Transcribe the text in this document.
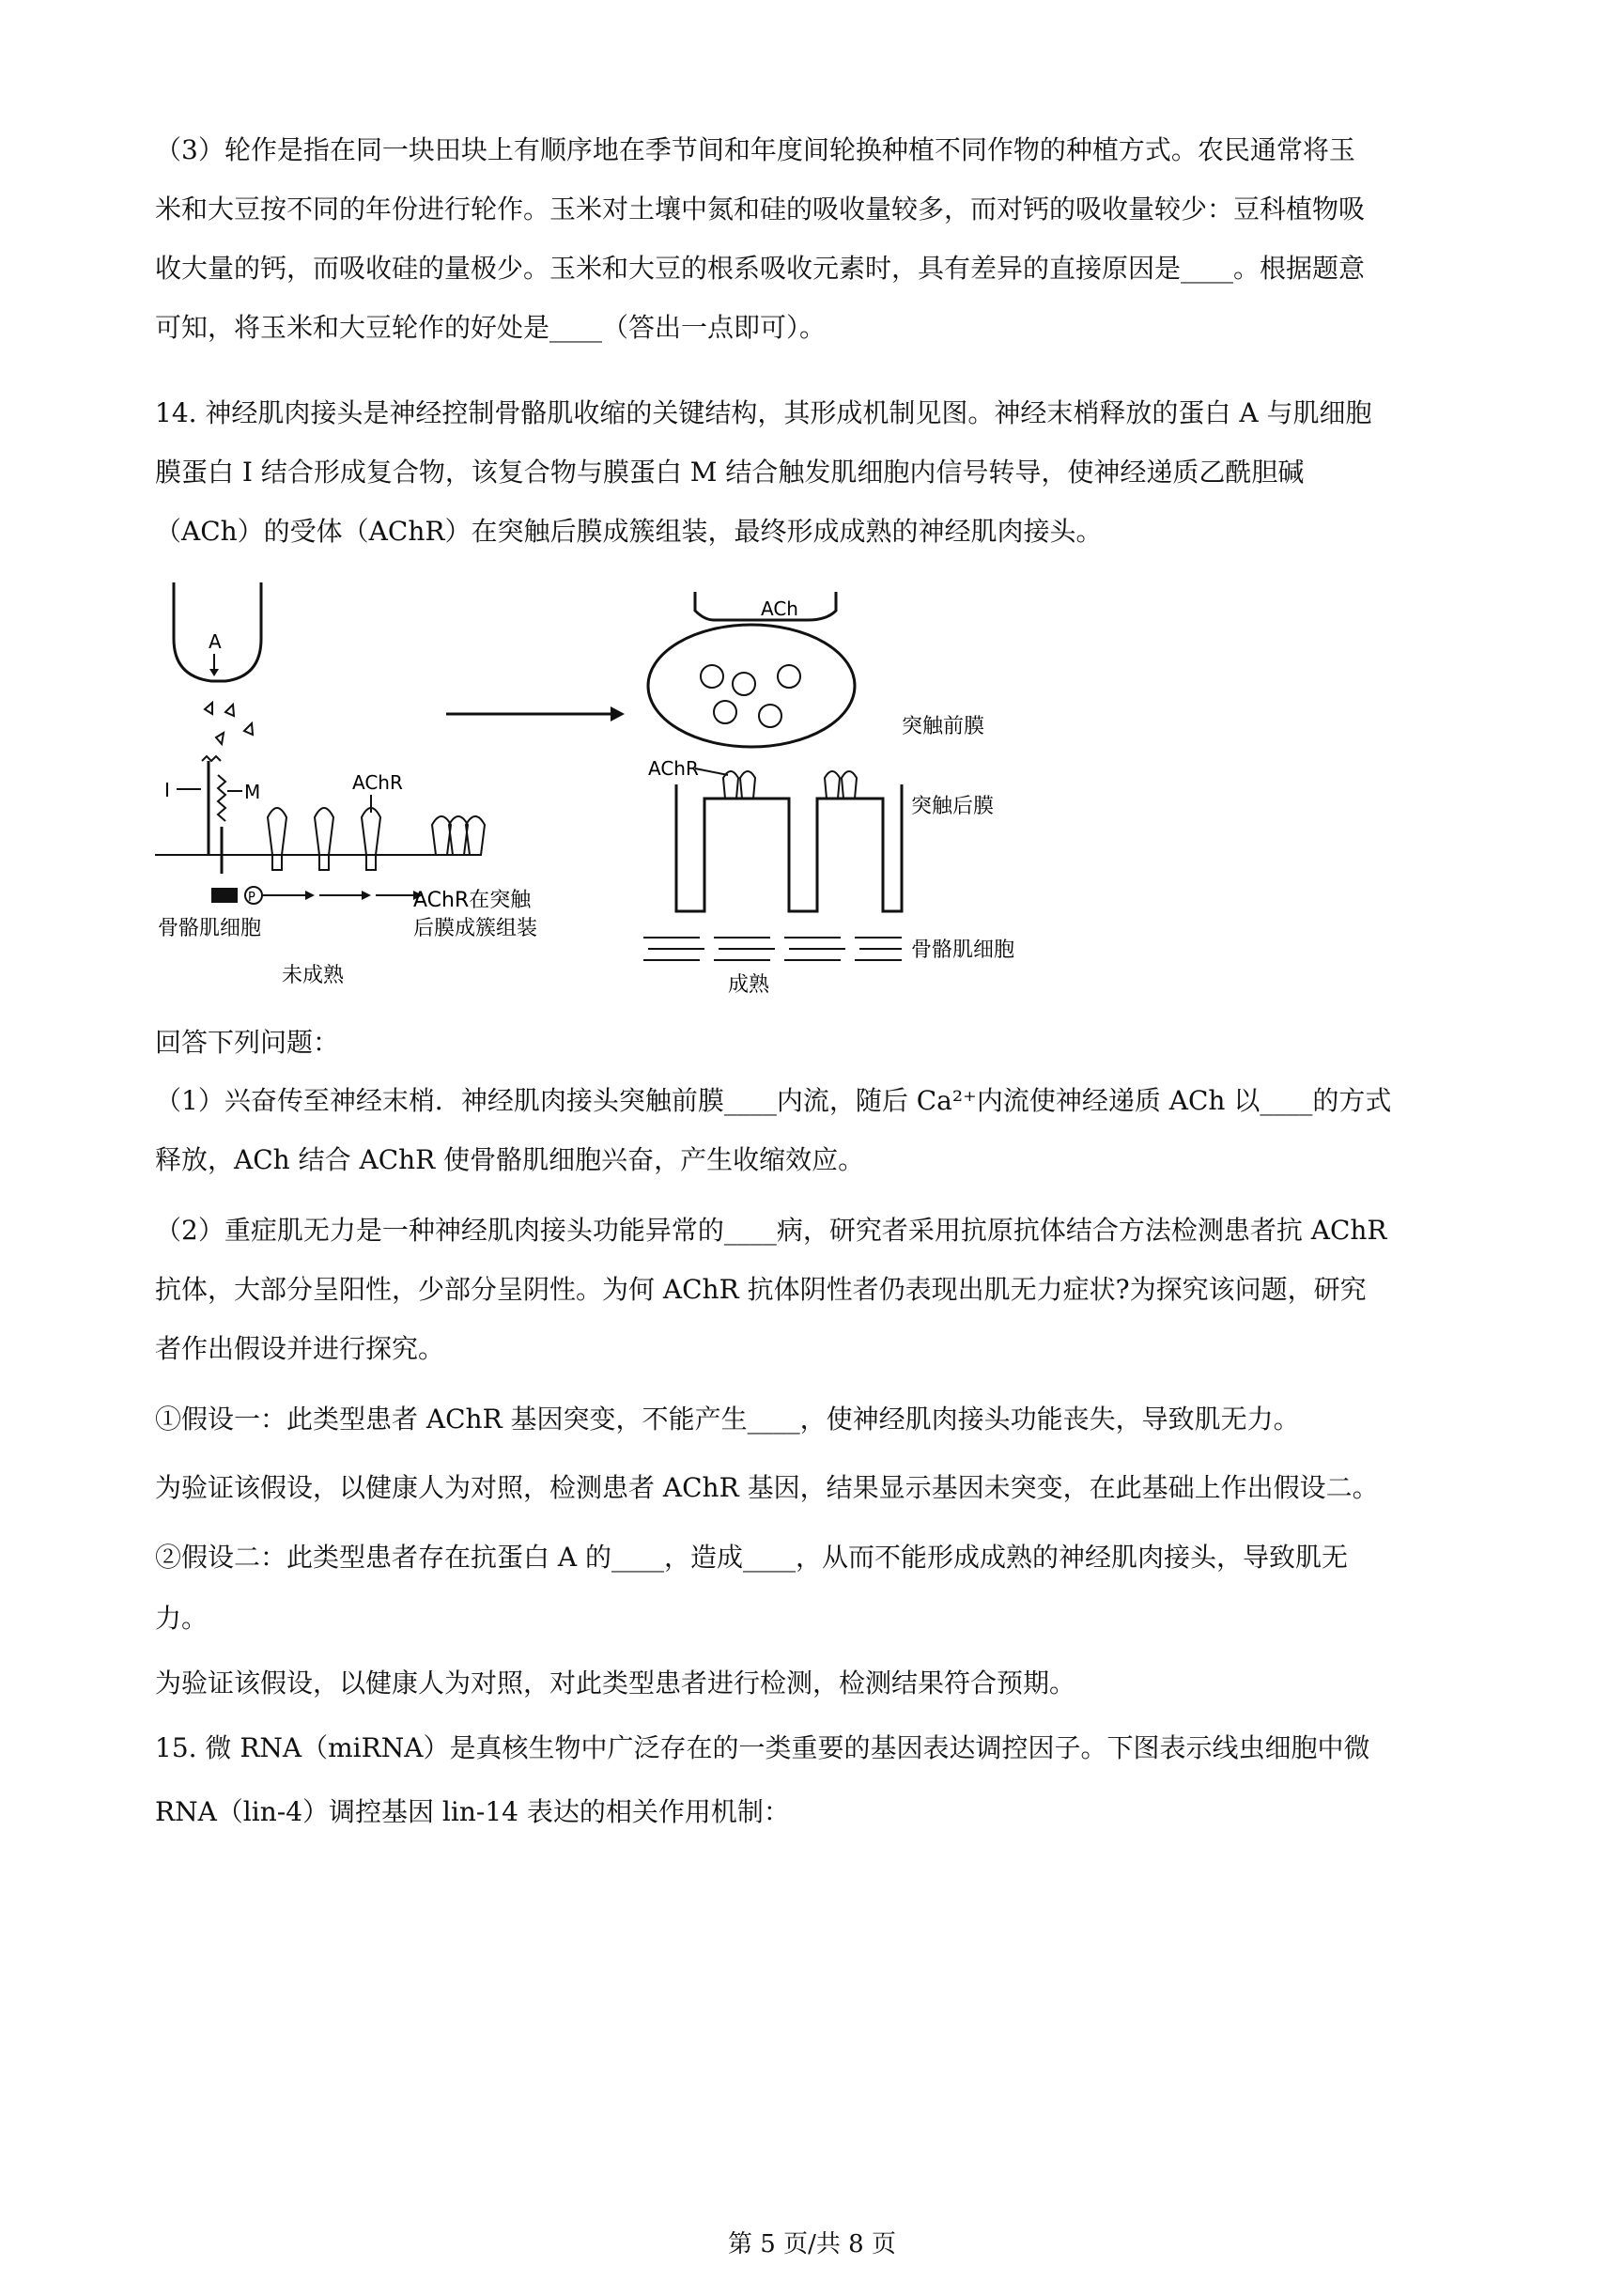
（3）轮作是指在同一块田块上有顺序地在季节间和年度间轮换种植不同作物的种植方式。农民通常将玉
米和大豆按不同的年份进行轮作。玉米对土壤中氮和硅的吸收量较多，而对钙的吸收量较少：豆科植物吸
收大量的钙，而吸收硅的量极少。玉米和大豆的根系吸收元素时，具有差异的直接原因是____。根据题意
可知，将玉米和大豆轮作的好处是____（答出一点即可）。
14. 神经肌肉接头是神经控制骨骼肌收缩的关键结构，其形成机制见图。神经末梢释放的蛋白 A 与肌细胞
膜蛋白 I 结合形成复合物，该复合物与膜蛋白 M 结合触发肌细胞内信号转导，使神经递质乙酰胆碱
（ACh）的受体（AChR）在突触后膜成簇组装，最终形成成熟的神经肌肉接头。
A
I	M	AChR
P
骨骼肌细胞
AChR在突触
后膜成簇组装
未成熟
ACh
突触前膜
AChR
突触后膜
骨骼肌细胞
成熟
回答下列问题：
（1）兴奋传至神经末梢．神经肌肉接头突触前膜____内流，随后 Ca²⁺内流使神经递质 ACh 以____的方式
释放，ACh 结合 AChR 使骨骼肌细胞兴奋，产生收缩效应。
（2）重症肌无力是一种神经肌肉接头功能异常的____病，研究者采用抗原抗体结合方法检测患者抗 AChR
抗体，大部分呈阳性，少部分呈阴性。为何 AChR 抗体阴性者仍表现出肌无力症状?为探究该问题，研究
者作出假设并进行探究。
①假设一：此类型患者 AChR 基因突变，不能产生____，使神经肌肉接头功能丧失，导致肌无力。
为验证该假设，以健康人为对照，检测患者 AChR 基因，结果显示基因未突变，在此基础上作出假设二。
②假设二：此类型患者存在抗蛋白 A 的____，造成____，从而不能形成成熟的神经肌肉接头，导致肌无
力。
为验证该假设，以健康人为对照，对此类型患者进行检测，检测结果符合预期。
15. 微 RNA（miRNA）是真核生物中广泛存在的一类重要的基因表达调控因子。下图表示线虫细胞中微
RNA（lin-4）调控基因 lin-14 表达的相关作用机制：
第 5 页/共 8 页
